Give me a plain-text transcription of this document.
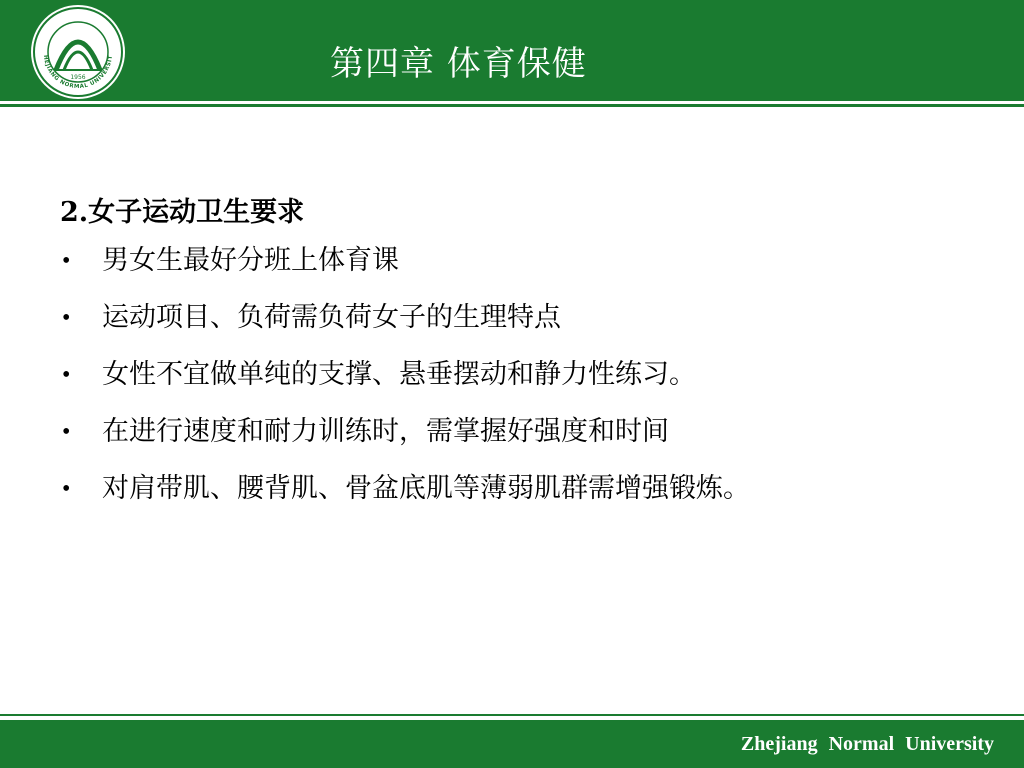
1956
HEJIANG NORMAL UNIVERSIT	第四章 体育保健
2.女子运动卫生要求
• 男女生最好分班上体育课
• 运动项目、负荷需负荷女子的生理特点
• 女性不宜做单纯的支撑、悬垂摆动和静力性练习。
• 在进行速度和耐力训练时，需掌握好强度和时间
• 对肩带肌、腰背肌、骨盆底肌等薄弱肌群需增强锻炼。
Zhejiang Normal University
